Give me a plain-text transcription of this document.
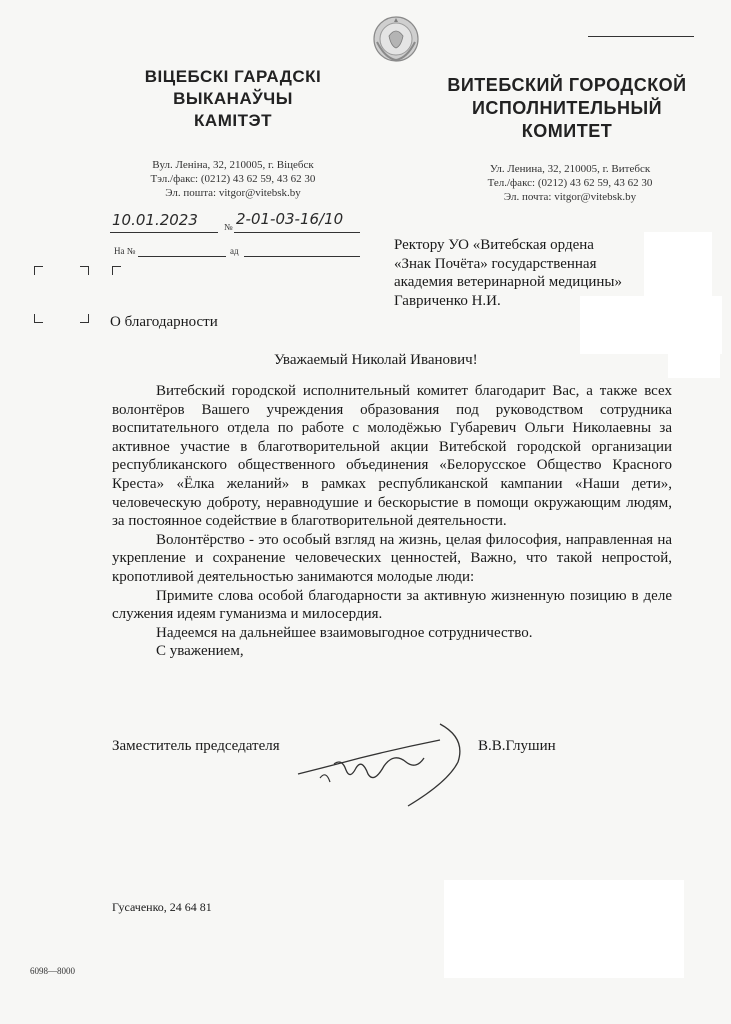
ВІЦЕБСКІ ГАРАДСКІ
ВЫКАНАЎЧЫ
КАМІТЭТ
Вул. Леніна, 32, 210005, г. Віцебск
Тэл./факс: (0212) 43 62 59, 43 62 30
Эл. пошта: vitgor@vitebsk.by
ВИТЕБСКИЙ ГОРОДСКОЙ
ИСПОЛНИТЕЛЬНЫЙ
КОМИТЕТ
Ул. Ленина, 32, 210005, г. Витебск
Тел./факс: (0212) 43 62 59, 43 62 30
Эл. почта: vitgor@vitebsk.by
10.01.2023	№ 2-01-03-16/10
На №	ад	Ректору УО «Витебская ордена
«Знак Почёта» государственная
академия ветеринарной медицины»
Гавриченко Н.И.
О благодарности
Уважаемый Николай Иванович!

Витебский городской исполнительный комитет благодарит Вас, а также всех волонтёров Вашего учреждения образования под руководством сотрудника воспитательного отдела по работе с молодёжью Губаревич Ольги Николаевны за активное участие в благотворительной акции Витебской городской организации республиканского общественного объединения «Белорусское Общество Красного Креста» «Ёлка желаний» в рамках республиканской кампании «Наши дети», человеческую доброту, неравнодушие и бескорыстие в помощи окружающим людям, за постоянное содействие в благотворительной деятельности.

Волонтёрство - это особый взгляд на жизнь, целая философия, направленная на укрепление и сохранение человеческих ценностей, Важно, что такой непростой, кропотливой деятельностью занимаются молодые люди:

Примите слова особой благодарности за активную жизненную позицию в деле служения идеям гуманизма и милосердия.

Надеемся на дальнейшее взаимовыгодное сотрудничество.

С уважением,

Заместитель председателя	В.В.Глушин
Гусаченко, 24 64 81
6098—8000
